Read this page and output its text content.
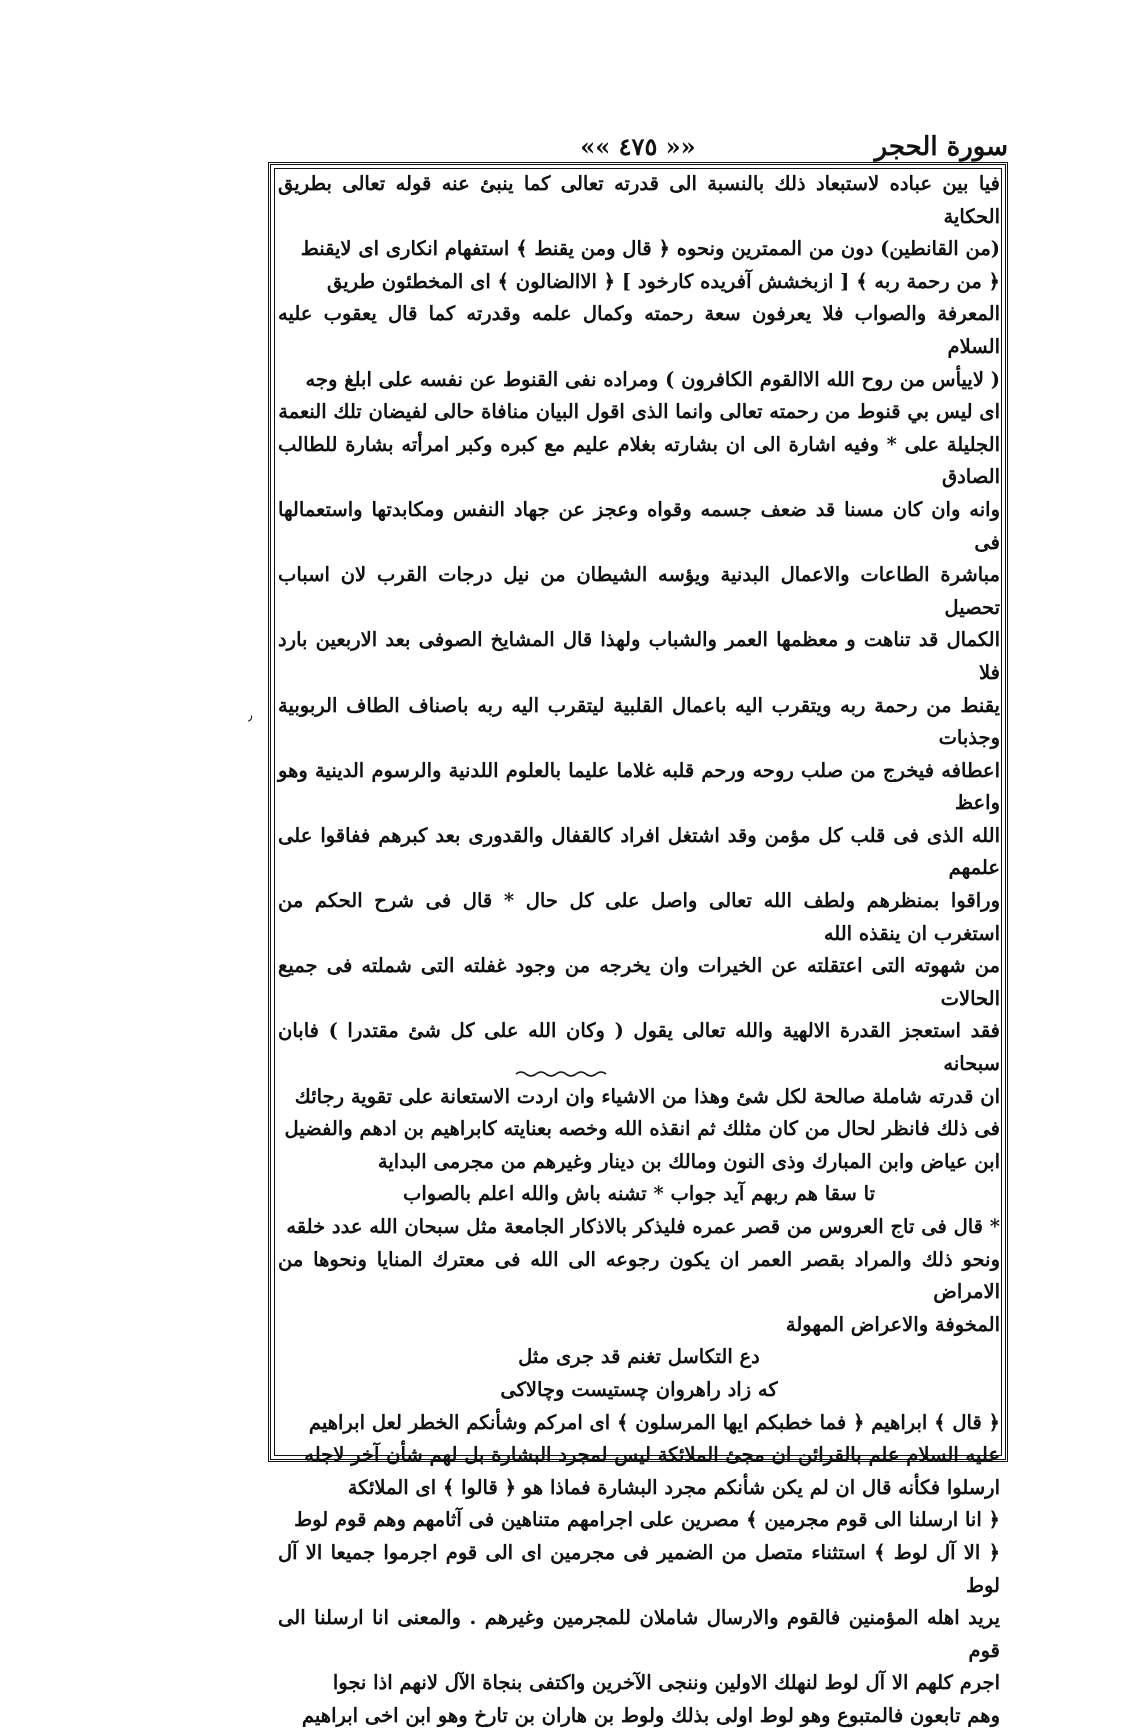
سورة الحجر
«« ٤٧٥ »»
٫

فيا بين عباده لاستبعاد ذلك بالنسبة الى قدرته تعالى كما ينبئ عنه قوله تعالى بطريق الحكاية

(من القانطين) دون من الممترين ونحوه ﴿ قال ومن يقنط ﴾ استفهام انكارى اى لايقنط

﴿ من رحمة ربه ﴾ [ ازبخشش آفريده كارخود ] ﴿ الاالضالون ﴾ اى المخطئون طريق

المعرفة والصواب فلا يعرفون سعة رحمته وكمال علمه وقدرته كما قال يعقوب عليه السلام

( لاييأس من روح الله الاالقوم الكافرون ) ومراده نفى القنوط عن نفسه على ابلغ وجه

اى ليس بي قنوط من رحمته تعالى وانما الذى اقول البيان منافاة حالى لفيضان تلك النعمة

الجليلة على * وفيه اشارة الى ان بشارته بغلام عليم مع كبره وكبر امرأته بشارة للطالب الصادق

وانه وان كان مسنا قد ضعف جسمه وقواه وعجز عن جهاد النفس ومكابدتها واستعمالها فى

مباشرة الطاعات والاعمال البدنية ويؤسه الشيطان من نيل درجات القرب لان اسباب تحصيل

الكمال قد تناهت و معظمها العمر والشباب ولهذا قال المشايخ الصوفى بعد الاربعين بارد فلا

يقنط من رحمة ربه ويتقرب اليه باعمال القلبية ليتقرب اليه ربه باصناف الطاف الربوبية وجذبات

اعطافه فيخرج من صلب روحه ورحم قلبه غلاما عليما بالعلوم اللدنية والرسوم الدينية وهو واعظ

الله الذى فى قلب كل مؤمن وقد اشتغل افراد كالقفال والقدورى بعد كبرهم ففاقوا على علمهم

وراقوا بمنظرهم ولطف الله تعالى واصل على كل حال * قال فى شرح الحكم من استغرب ان ينقذه الله

من شهوته التى اعتقلته عن الخيرات وان يخرجه من وجود غفلته التى شملته فى جميع الحالات

فقد استعجز القدرة الالهية والله تعالى يقول ( وكان الله على كل شئ مقتدرا ) فابان سبحانه

ان قدرته شاملة صالحة لكل شئ وهذا من الاشياء وان اردت الاستعانة على تقوية رجائك

فى ذلك فانظر لحال من كان مثلك ثم انقذه الله وخصه بعنايته كابراهيم بن ادهم والفضيل

ابن عياض وابن المبارك وذى النون ومالك بن دينار وغيرهم من مجرمى البداية

تا سقا هم ربهم آيد جواب * تشنه باش والله اعلم بالصواب

* قال فى تاج العروس من قصر عمره فليذكر بالاذكار الجامعة مثل سبحان الله عدد خلقه

ونحو ذلك والمراد بقصر العمر ان يكون رجوعه الى الله فى معترك المنايا ونحوها من الامراض

المخوفة والاعراض المهولة

دع التكاسل تغنم قد جرى مثل

كه زاد راهروان چستيست وچالاكى

﴿ قال ﴾ ابراهيم ﴿ فما خطبكم ايها المرسلون ﴾ اى امركم وشأنكم الخطر لعل ابراهيم

عليه السلام علم بالقرائن ان مجئ الملائكة ليس لمجرد البشارة بل لهم شأن آخر لاجله

ارسلوا فكأنه قال ان لم يكن شأنكم مجرد البشارة فماذا هو ﴿ قالوا ﴾ اى الملائكة

﴿ انا ارسلنا الى قوم مجرمين ﴾ مصرين على اجرامهم متناهين فى آثامهم وهم قوم لوط

﴿ الا آل لوط ﴾ استثناء متصل من الضمير فى مجرمين اى الى قوم اجرموا جميعا الا آل لوط

يريد اهله المؤمنين فالقوم والارسال شاملان للمجرمين وغيرهم . والمعنى انا ارسلنا الى قوم

اجرم كلهم الا آل لوط لنهلك الاولين وننجى الآخرين واكتفى بنجاة الآل لانهم اذا نجوا

وهم تابعون فالمتبوع وهو لوط اولى بذلك ولوط بن هاران بن تارخ وهو ابن اخى ابراهيم
